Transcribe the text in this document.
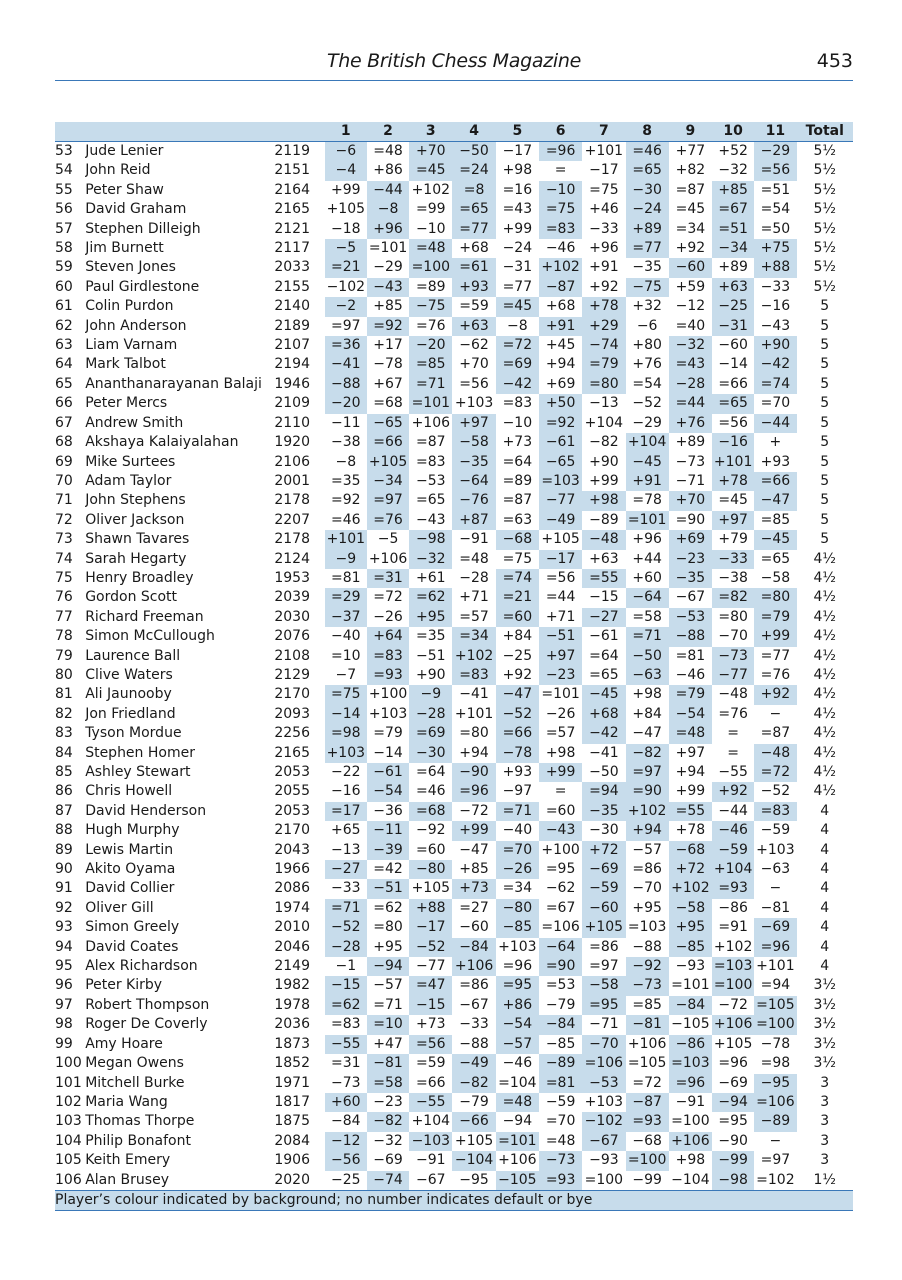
The British Chess Magazine	453
			1	2	3	4	5	6	7	8	9	10	11	Total
53	Jude Lenier	2119	−6	=48	+70	−50	−17	=96	+101	=46	+77	+52	−29	5½
54	John Reid	2151	−4	+86	=45	=24	+98	=	−17	=65	+82	−32	=56	5½
55	Peter Shaw	2164	+99	−44	+102	=8	=16	−10	=75	−30	=87	+85	=51	5½
56	David Graham	2165	+105	−8	=99	=65	=43	=75	+46	−24	=45	=67	=54	5½
57	Stephen Dilleigh	2121	−18	+96	−10	=77	+99	=83	−33	+89	=34	=51	=50	5½
58	Jim Burnett	2117	−5	=101	=48	+68	−24	−46	+96	=77	+92	−34	+75	5½
59	Steven Jones	2033	=21	−29	=100	=61	−31	+102	+91	−35	−60	+89	+88	5½
60	Paul Girdlestone	2155	−102	−43	=89	+93	=77	−87	+92	−75	+59	+63	−33	5½
61	Colin Purdon	2140	−2	+85	−75	=59	=45	+68	+78	+32	−12	−25	−16	5
62	John Anderson	2189	=97	=92	=76	+63	−8	+91	+29	−6	=40	−31	−43	5
63	Liam Varnam	2107	=36	+17	−20	−62	=72	+45	−74	+80	−32	−60	+90	5
64	Mark Talbot	2194	−41	−78	=85	+70	=69	+94	=79	+76	=43	−14	−42	5
65	Ananthanarayanan Balaji	1946	−88	+67	=71	=56	−42	+69	=80	=54	−28	=66	=74	5
66	Peter Mercs	2109	−20	=68	=101	+103	=83	+50	−13	−52	=44	=65	=70	5
67	Andrew Smith	2110	−11	−65	+106	+97	−10	=92	+104	−29	+76	=56	−44	5
68	Akshaya Kalaiyalahan	1920	−38	=66	=87	−58	+73	−61	−82	+104	+89	−16	+	5
69	Mike Surtees	2106	−8	+105	=83	−35	=64	−65	+90	−45	−73	+101	+93	5
70	Adam Taylor	2001	=35	−34	−53	−64	=89	=103	+99	+91	−71	+78	=66	5
71	John Stephens	2178	=92	=97	=65	−76	=87	−77	+98	=78	+70	=45	−47	5
72	Oliver Jackson	2207	=46	=76	−43	+87	=63	−49	−89	=101	=90	+97	=85	5
73	Shawn Tavares	2178	+101	−5	−98	−91	−68	+105	−48	+96	+69	+79	−45	5
74	Sarah Hegarty	2124	−9	+106	−32	=48	=75	−17	+63	+44	−23	−33	=65	4½
75	Henry Broadley	1953	=81	=31	+61	−28	=74	=56	=55	+60	−35	−38	−58	4½
76	Gordon Scott	2039	=29	=72	=62	+71	=21	=44	−15	−64	−67	=82	=80	4½
77	Richard Freeman	2030	−37	−26	+95	=57	=60	+71	−27	=58	−53	=80	=79	4½
78	Simon McCullough	2076	−40	+64	=35	=34	+84	−51	−61	=71	−88	−70	+99	4½
79	Laurence Ball	2108	=10	=83	−51	+102	−25	+97	=64	−50	=81	−73	=77	4½
80	Clive Waters	2129	−7	=93	+90	=83	+92	−23	=65	−63	−46	−77	=76	4½
81	Ali Jaunooby	2170	=75	+100	−9	−41	−47	=101	−45	+98	=79	−48	+92	4½
82	Jon Friedland	2093	−14	+103	−28	+101	−52	−26	+68	+84	−54	=76	−	4½
83	Tyson Mordue	2256	=98	=79	=69	=80	=66	=57	−42	−47	=48	=	=87	4½
84	Stephen Homer	2165	+103	−14	−30	+94	−78	+98	−41	−82	+97	=	−48	4½
85	Ashley Stewart	2053	−22	−61	=64	−90	+93	+99	−50	=97	+94	−55	=72	4½
86	Chris Howell	2055	−16	−54	=46	=96	−97	=	=94	=90	+99	+92	−52	4½
87	David Henderson	2053	=17	−36	=68	−72	=71	=60	−35	+102	=55	−44	=83	4
88	Hugh Murphy	2170	+65	−11	−92	+99	−40	−43	−30	+94	+78	−46	−59	4
89	Lewis Martin	2043	−13	−39	=60	−47	=70	+100	+72	−57	−68	−59	+103	4
90	Akito Oyama	1966	−27	=42	−80	+85	−26	=95	−69	=86	+72	+104	−63	4
91	David Collier	2086	−33	−51	+105	+73	=34	−62	−59	−70	+102	=93	−	4
92	Oliver Gill	1974	=71	=62	+88	=27	−80	=67	−60	+95	−58	−86	−81	4
93	Simon Greely	2010	−52	=80	−17	−60	−85	=106	+105	=103	+95	=91	−69	4
94	David Coates	2046	−28	+95	−52	−84	+103	−64	=86	−88	−85	+102	=96	4
95	Alex Richardson	2149	−1	−94	−77	+106	=96	=90	=97	−92	−93	=103	+101	4
96	Peter Kirby	1982	−15	−57	=47	=86	=95	=53	−58	−73	=101	=100	=94	3½
97	Robert Thompson	1978	=62	=71	−15	−67	+86	−79	=95	=85	−84	−72	=105	3½
98	Roger De Coverly	2036	=83	=10	+73	−33	−54	−84	−71	−81	−105	+106	=100	3½
99	Amy Hoare	1873	−55	+47	=56	−88	−57	−85	−70	+106	−86	+105	−78	3½
100	Megan Owens	1852	=31	−81	=59	−49	−46	−89	=106	=105	=103	=96	=98	3½
101	Mitchell Burke	1971	−73	=58	=66	−82	=104	=81	−53	=72	=96	−69	−95	3
102	Maria Wang	1817	+60	−23	−55	−79	=48	−59	+103	−87	−91	−94	=106	3
103	Thomas Thorpe	1875	−84	−82	+104	−66	−94	=70	−102	=93	=100	=95	−89	3
104	Philip Bonafont	2084	−12	−32	−103	+105	=101	=48	−67	−68	+106	−90	−	3
105	Keith Emery	1906	−56	−69	−91	−104	+106	−73	−93	=100	+98	−99	=97	3
106	Alan Brusey	2020	−25	−74	−67	−95	−105	=93	=100	−99	−104	−98	=102	1½
Player’s colour indicated by background; no number indicates default or bye														
